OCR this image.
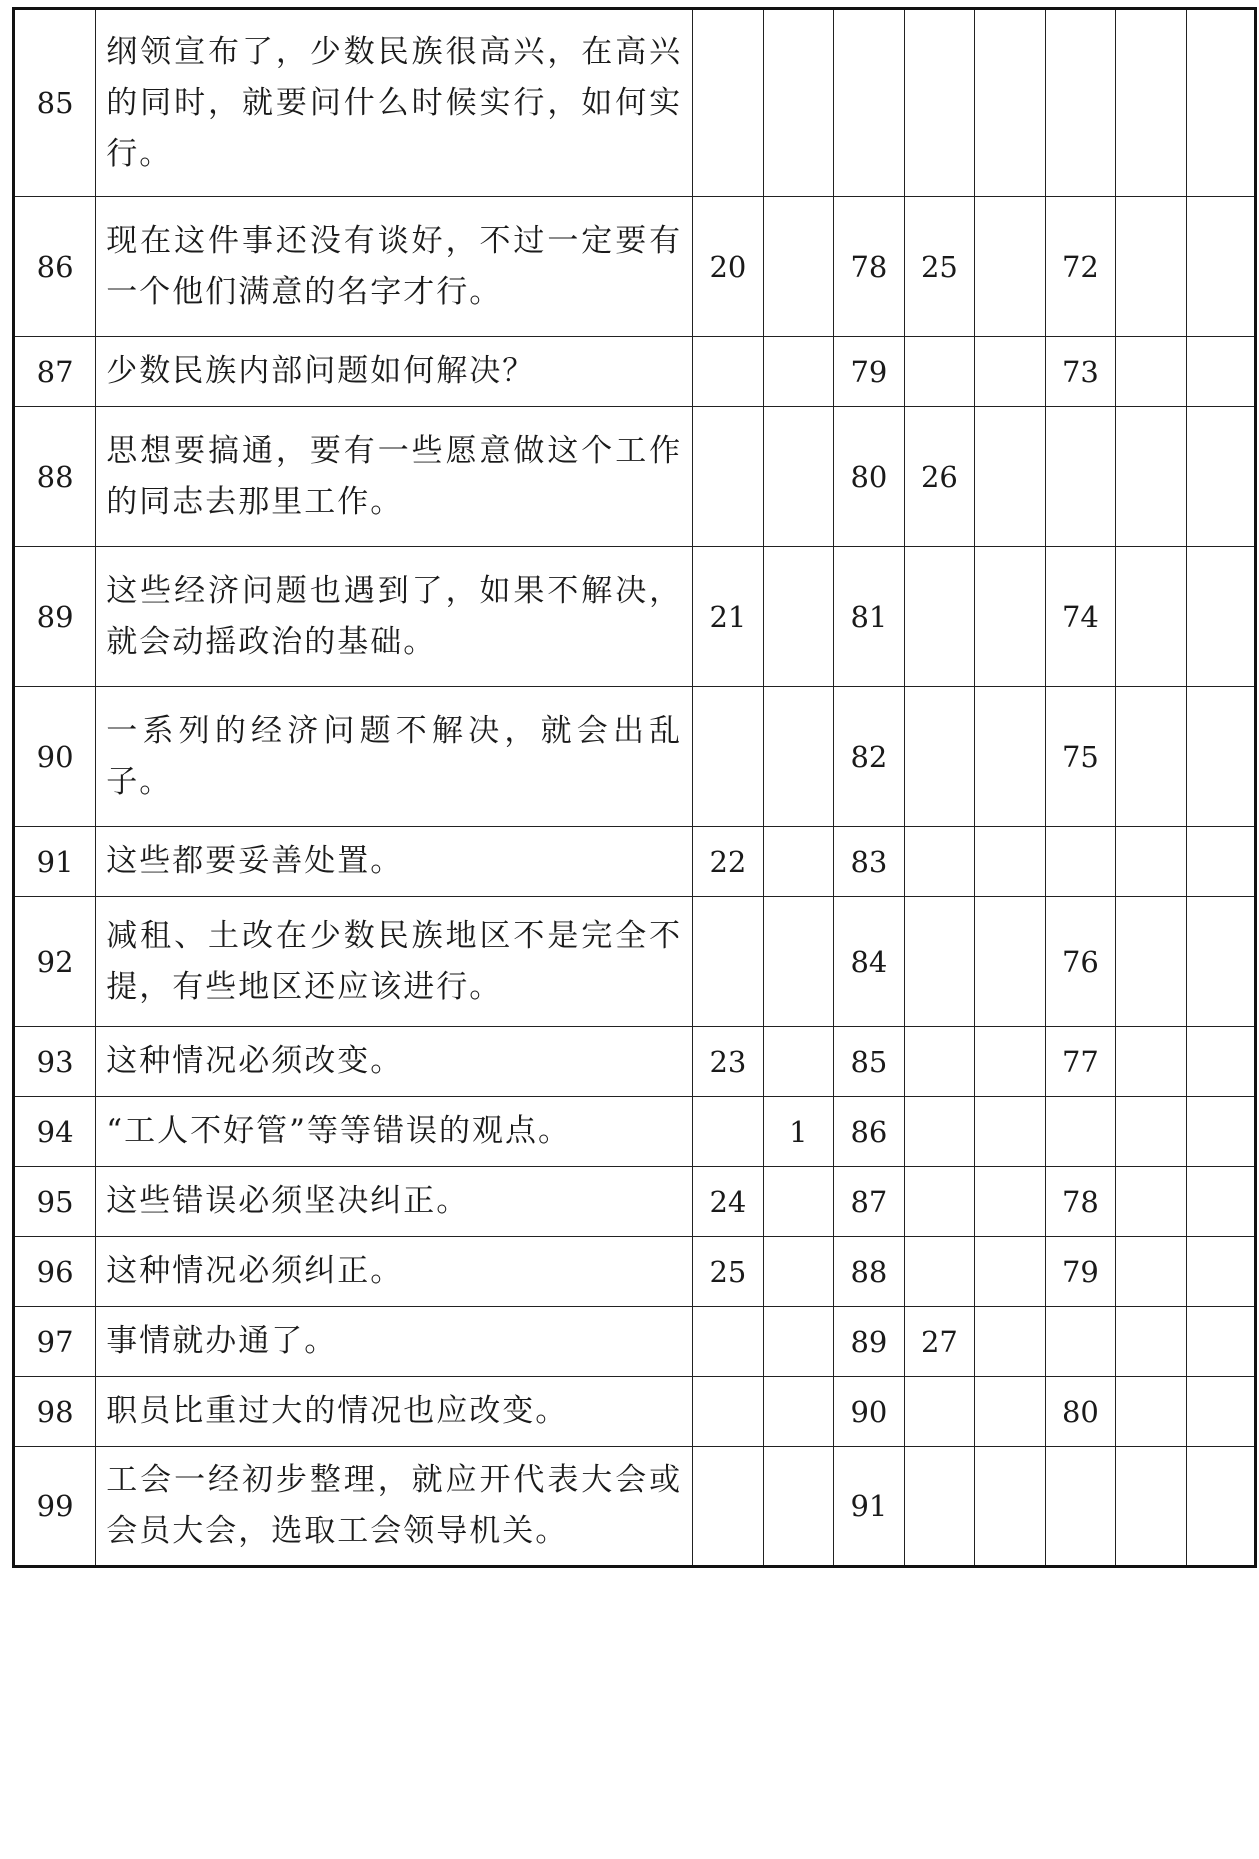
85	纲领宣布了，少数民族很高兴，在高兴的同时，就要问什么时候实行，如何实行。								
86	现在这件事还没有谈好，不过一定要有一个他们满意的名字才行。	20		78	25		72		
87	少数民族内部问题如何解决？			79			73		
88	思想要搞通，要有一些愿意做这个工作的同志去那里工作。			80	26				
89	这些经济问题也遇到了，如果不解决，就会动摇政治的基础。	21		81			74		
90	一系列的经济问题不解决，就会出乱子。			82			75		
91	这些都要妥善处置。	22		83					
92	减租、土改在少数民族地区不是完全不提，有些地区还应该进行。			84			76		
93	这种情况必须改变。	23		85			77		
94	“工人不好管”等等错误的观点。		1	86					
95	这些错误必须坚决纠正。	24		87			78		
96	这种情况必须纠正。	25		88			79		
97	事情就办通了。			89	27				
98	职员比重过大的情况也应改变。			90			80		
99	工会一经初步整理，就应开代表大会或会员大会，选取工会领导机关。			91					
